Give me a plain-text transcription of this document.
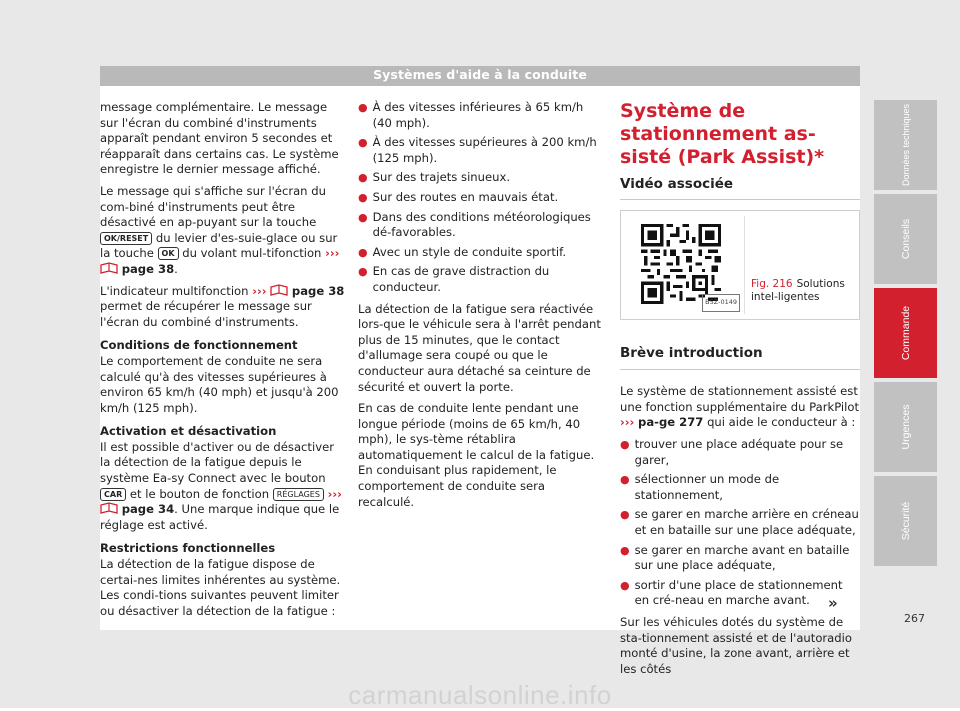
Systèmes d'aide à la conduite

message complémentaire. Le message sur l'écran du combiné d'instruments apparaît pendant environ 5 secondes et réapparaît dans certains cas. Le système enregistre le dernier message affiché.

Le message qui s'affiche sur l'écran du com-biné d'instruments peut être désactivé en ap-puyant sur la touche OK/RESET du levier d'es-suie-glace ou sur la touche OK du volant mul-tifonction ›››  page 38.

L'indicateur multifonction ››› page 38 permet de récupérer le message sur l'écran du combiné d'instruments.

Conditions de fonctionnement

Le comportement de conduite ne sera calculé qu'à des vitesses supérieures à environ 65 km/h (40 mph) et jusqu'à 200 km/h (125 mph).

Activation et désactivation

Il est possible d'activer ou de désactiver la détection de la fatigue depuis le système Ea-sy Connect avec le bouton CAR et le bouton de fonction RÉGLAGES ›››  page 34. Une marque indique que le réglage est activé.

Restrictions fonctionnelles

La détection de la fatigue dispose de certai-nes limites inhérentes au système. Les condi-tions suivantes peuvent limiter ou désactiver la détection de la fatigue :

● À des vitesses inférieures à 65 km/h (40 mph).
● À des vitesses supérieures à 200 km/h (125 mph).
● Sur des trajets sinueux.
● Sur des routes en mauvais état.
● Dans des conditions météorologiques dé-favorables.
● Avec un style de conduite sportif.
● En cas de grave distraction du conducteur.

La détection de la fatigue sera réactivée lors-que le véhicule sera à l'arrêt pendant plus de 15 minutes, que le contact d'allumage sera coupé ou que le conducteur aura détaché sa ceinture de sécurité et ouvert la porte.

En cas de conduite lente pendant une longue période (moins de 65 km/h, 40 mph), le sys-tème rétablira automatiquement le calcul de la fatigue. En conduisant plus rapidement, le comportement de conduite sera recalculé.

Système de stationnement as-sisté (Park Assist)*
Vidéo associée
B5Z-0149
Fig. 216 Solutions intel-ligentes
Brève introduction

Le système de stationnement assisté est une fonction supplémentaire du ParkPilot ››› pa-ge 277 qui aide le conducteur à :

● trouver une place adéquate pour se garer,
● sélectionner un mode de stationnement,
● se garer en marche arrière en créneau et en bataille sur une place adéquate,
● se garer en marche avant en bataille sur une place adéquate,
● sortir d'une place de stationnement en cré-neau en marche avant.

Sur les véhicules dotés du système de sta-tionnement assisté et de l'autoradio monté d'usine, la zone avant, arrière et les côtés

»
Données techniques
Conseils
Commande
Urgences
Sécurité
267
carmanualsonline.info
